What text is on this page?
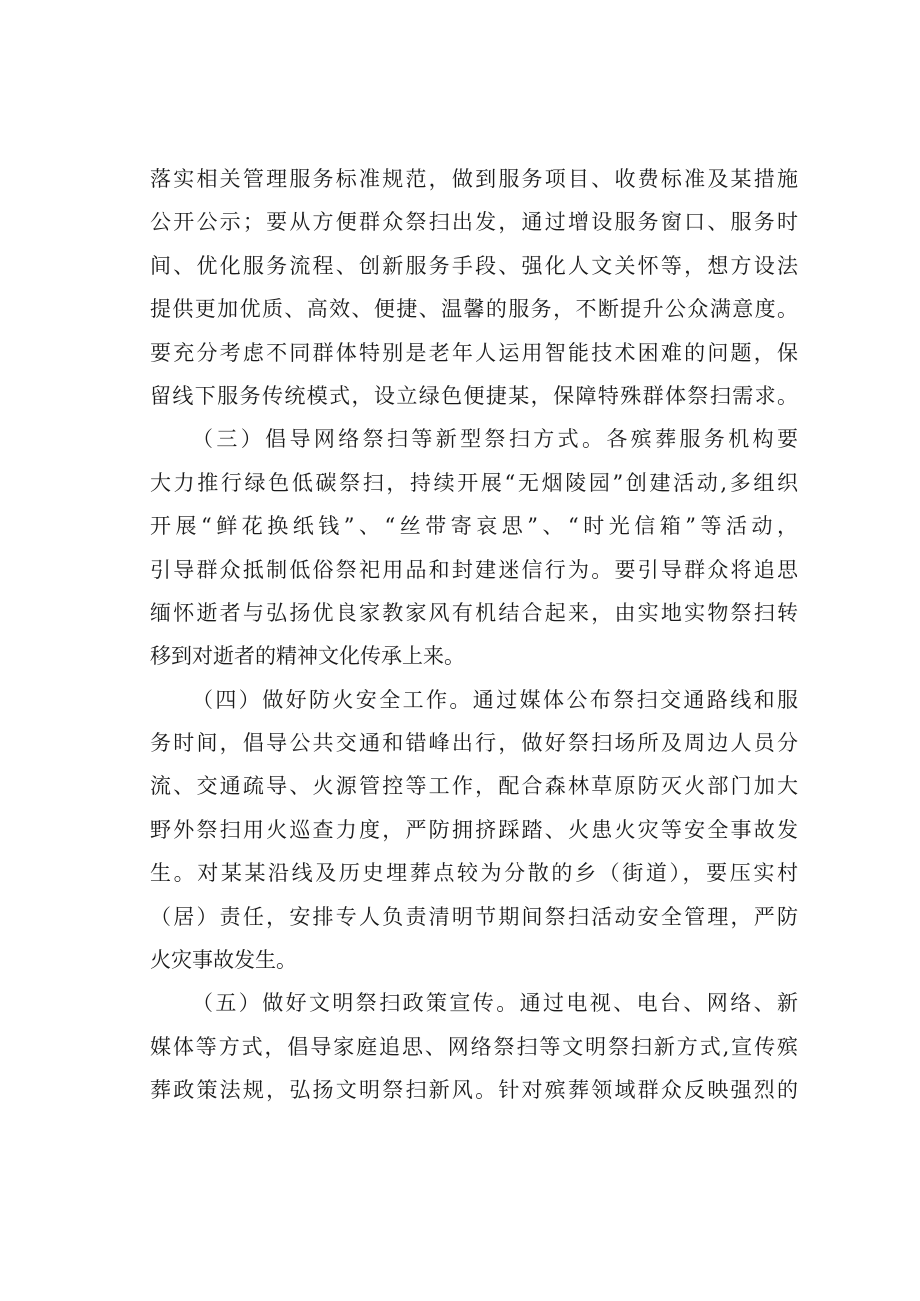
落实相关管理服务标准规范，做到服务项目、收费标准及某措施
公开公示；要从方便群众祭扫出发，通过增设服务窗口、服务时
间、优化服务流程、创新服务手段、强化人文关怀等，想方设法
提供更加优质、高效、便捷、温馨的服务，不断提升公众满意度。
要充分考虑不同群体特别是老年人运用智能技术困难的问题，保
留线下服务传统模式，设立绿色便捷某，保障特殊群体祭扫需求。
（三）倡导网络祭扫等新型祭扫方式。各殡葬服务机构要
大力推行绿色低碳祭扫，持续开展“无烟陵园”创建活动,多组织
开展“鲜花换纸钱”、“丝带寄哀思”、“时光信箱”等活动，
引导群众抵制低俗祭祀用品和封建迷信行为。要引导群众将追思
缅怀逝者与弘扬优良家教家风有机结合起来，由实地实物祭扫转
移到对逝者的精神文化传承上来。
（四）做好防火安全工作。通过媒体公布祭扫交通路线和服
务时间，倡导公共交通和错峰出行，做好祭扫场所及周边人员分
流、交通疏导、火源管控等工作，配合森林草原防灭火部门加大
野外祭扫用火巡查力度，严防拥挤踩踏、火患火灾等安全事故发
生。对某某沿线及历史埋葬点较为分散的乡（街道），要压实村
（居）责任，安排专人负责清明节期间祭扫活动安全管理，严防
火灾事故发生。
（五）做好文明祭扫政策宣传。通过电视、电台、网络、新
媒体等方式，倡导家庭追思、网络祭扫等文明祭扫新方式,宣传殡
葬政策法规，弘扬文明祭扫新风。针对殡葬领域群众反映强烈的
